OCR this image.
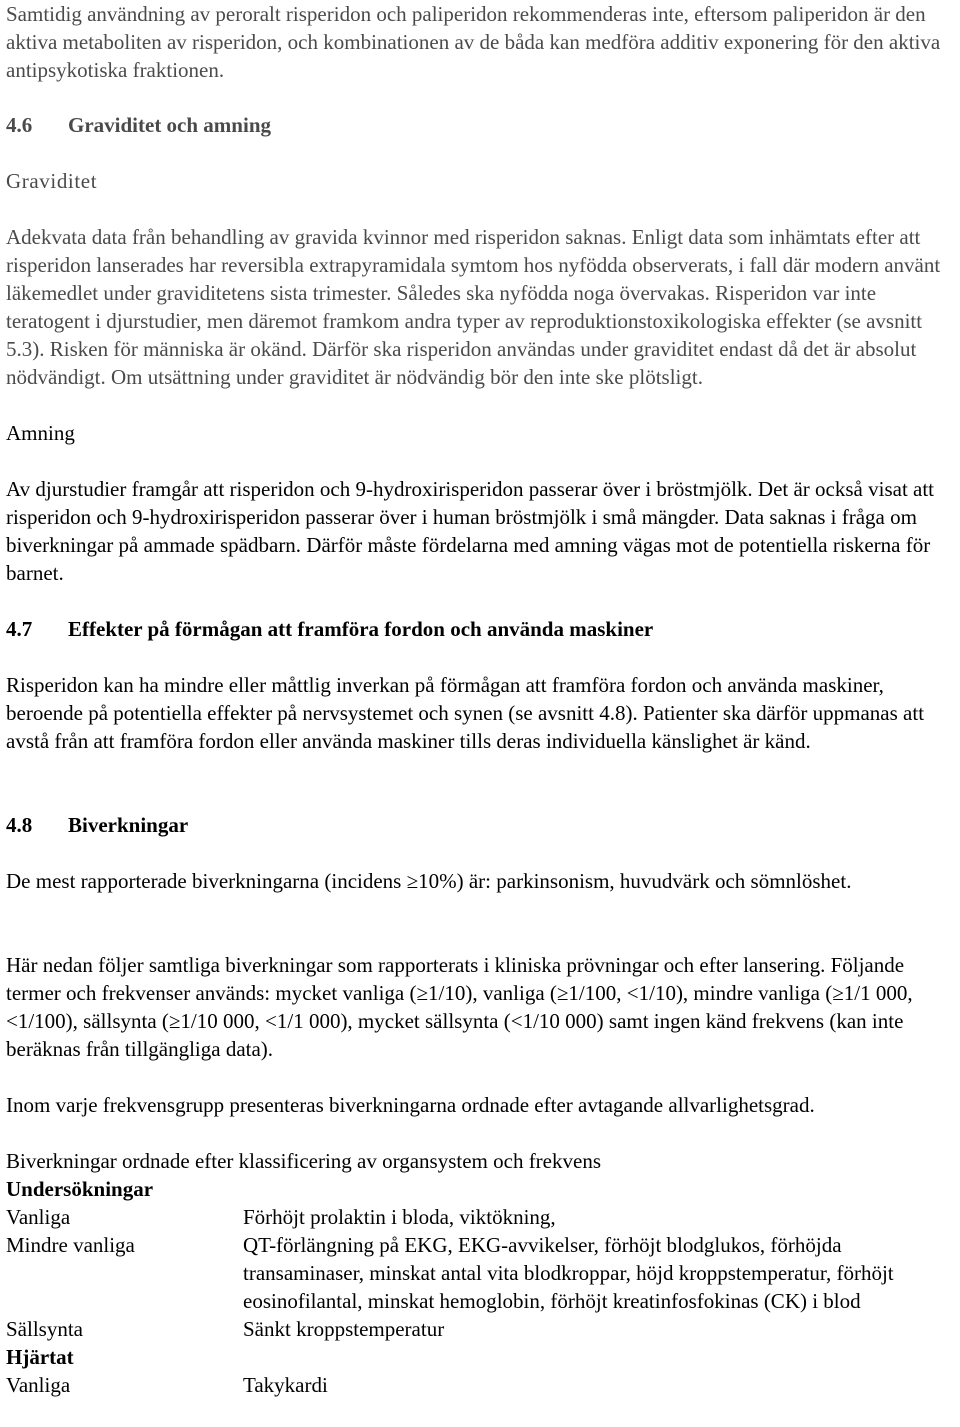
Samtidig användning av peroralt risperidon och paliperidon rekommenderas inte, eftersom paliperidon är den aktiva metaboliten av risperidon, och kombinationen av de båda kan medföra additiv exponering för den aktiva antipsykotiska fraktionen.

4.6 Graviditet och amning

Graviditet

Adekvata data från behandling av gravida kvinnor med risperidon saknas. Enligt data som inhämtats efter att risperidon lanserades har reversibla extrapyramidala symtom hos nyfödda observerats, i fall där modern använt läkemedlet under graviditetens sista trimester. Således ska nyfödda noga övervakas. Risperidon var inte teratogent i djurstudier, men däremot framkom andra typer av reproduktionstoxikologiska effekter (se avsnitt 5.3). Risken för människa är okänd. Därför ska risperidon användas under graviditet endast då det är absolut nödvändigt. Om utsättning under graviditet är nödvändig bör den inte ske plötsligt.

Amning

Av djurstudier framgår att risperidon och 9-hydroxirisperidon passerar över i bröstmjölk. Det är också visat att risperidon och 9-hydroxirisperidon passerar över i human bröstmjölk i små mängder. Data saknas i fråga om biverkningar på ammade spädbarn. Därför måste fördelarna med amning vägas mot de potentiella riskerna för barnet.

4.7 Effekter på förmågan att framföra fordon och använda maskiner

Risperidon kan ha mindre eller måttlig inverkan på förmågan att framföra fordon och använda maskiner, beroende på potentiella effekter på nervsystemet och synen (se avsnitt 4.8). Patienter ska därför uppmanas att avstå från att framföra fordon eller använda maskiner tills deras individuella känslighet är känd.

4.8 Biverkningar

De mest rapporterade biverkningarna (incidens ≥10%) är: parkinsonism, huvudvärk och sömnlöshet.

Här nedan följer samtliga biverkningar som rapporterats i kliniska prövningar och efter lansering. Följande termer och frekvenser används: mycket vanliga (≥1/10), vanliga (≥1/100, <1/10), mindre vanliga (≥1/1 000, <1/100), sällsynta (≥1/10 000, <1/1 000), mycket sällsynta (<1/10 000) samt ingen känd frekvens (kan inte beräknas från tillgängliga data).

Inom varje frekvensgrupp presenteras biverkningarna ordnade efter avtagande allvarlighetsgrad.

Biverkningar ordnade efter klassificering av organsystem och frekvens

Undersökningar

Vanliga	Förhöjt prolaktin i bloda, viktökning,
Mindre vanliga	QT-förlängning på EKG, EKG-avvikelser, förhöjt blodglukos, förhöjda transaminaser, minskat antal vita blodkroppar, höjd kroppstemperatur, förhöjt eosinofilantal, minskat hemoglobin, förhöjt kreatinfosfokinas (CK) i blod
Sällsynta	Sänkt kroppstemperatur

Hjärtat

Vanliga	Takykardi
